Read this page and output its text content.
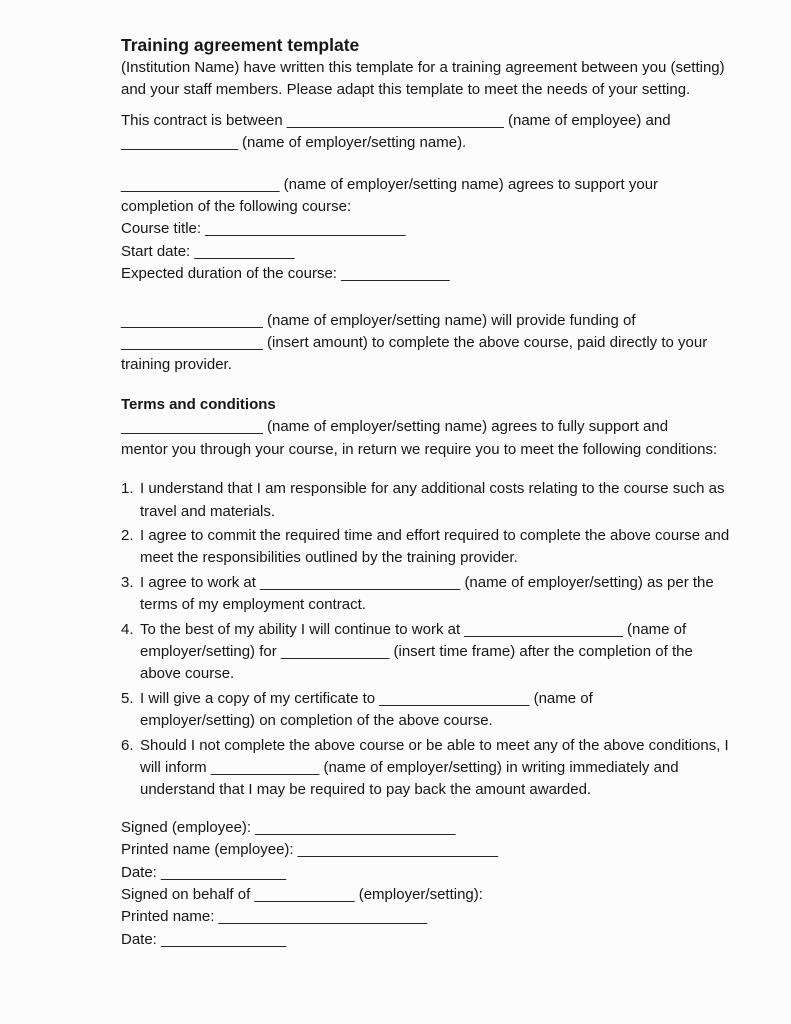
Training agreement template
(Institution Name) have written this template for a training agreement between you (setting)
and your staff members. Please adapt this template to meet the needs of your setting.
This contract is between __________________________ (name of employee) and
______________ (name of employer/setting name).
___________________ (name of employer/setting name) agrees to support your
completion of the following course:
Course title: ________________________
Start date: ____________
Expected duration of the course: _____________
_________________ (name of employer/setting name) will provide funding of
_________________ (insert amount) to complete the above course, paid directly to your
training provider.
Terms and conditions
_________________ (name of employer/setting name) agrees to fully support and
mentor you through your course, in return we require you to meet the following conditions:
1. I understand that I am responsible for any additional costs relating to the course such as
travel and materials.
2. I agree to commit the required time and effort required to complete the above course and
meet the responsibilities outlined by the training provider.
3. I agree to work at ________________________ (name of employer/setting) as per the
terms of my employment contract.
4. To the best of my ability I will continue to work at ___________________ (name of
employer/setting) for _____________ (insert time frame) after the completion of the
above course.
5. I will give a copy of my certificate to __________________ (name of
employer/setting) on completion of the above course.
6. Should I not complete the above course or be able to meet any of the above conditions, I
will inform _____________ (name of employer/setting) in writing immediately and
understand that I may be required to pay back the amount awarded.
Signed (employee): ________________________
Printed name (employee): ________________________
Date: _______________
Signed on behalf of ____________ (employer/setting):
Printed name: _________________________
Date: _______________
